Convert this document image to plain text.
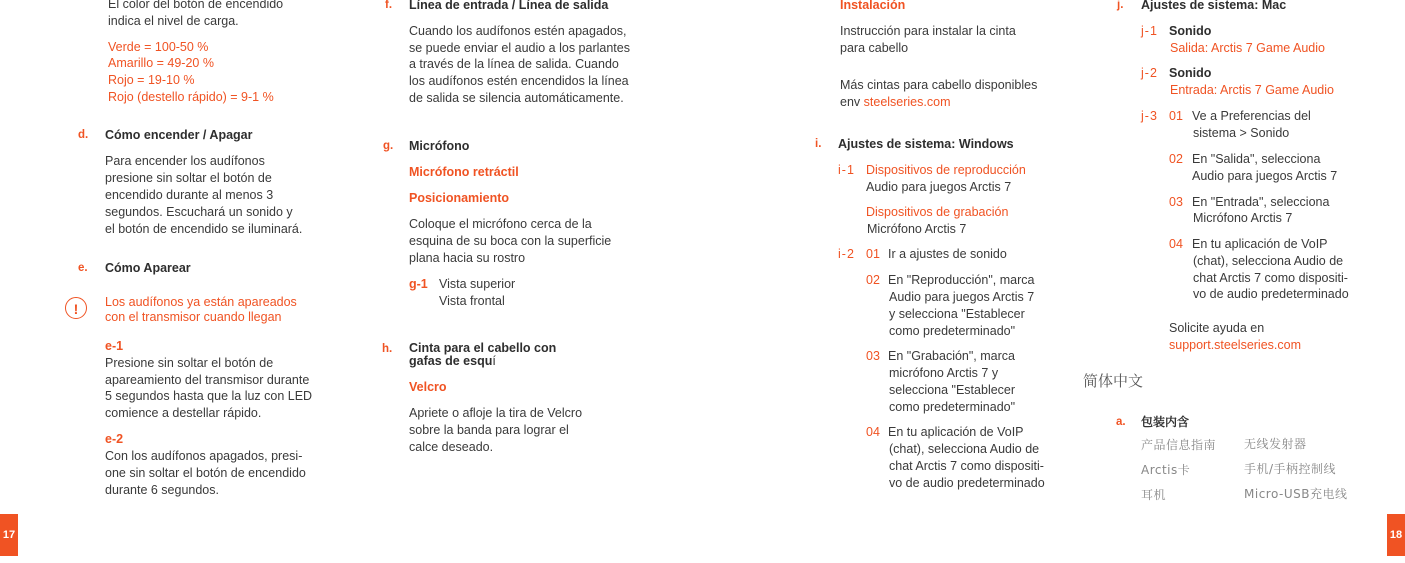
El color del botón de encendido
indica el nivel de carga.
Verde = 100-50 %
Amarillo = 49-20 %
Rojo = 19-10 %
Rojo (destello rápido) = 9-1 %
d. Cómo encender / Apagar
Para encender los audífonos
presione sin soltar el botón de
encendido durante al menos 3
segundos. Escuchará un sonido y
el botón de encendido se iluminará.
e. Cómo Aparear
!	Los audífonos ya están apareados
con el transmisor cuando llegan
e-1
Presione sin soltar el botón de
apareamiento del transmisor durante
5 segundos hasta que la luz con LED
comience a destellar rápido.
e-2
Con los audífonos apagados, presi-
one sin soltar el botón de encendido
durante 6 segundos.
f. Línea de entrada / Línea de salida
Cuando los audífonos estén apagados,
se puede enviar el audio a los parlantes
a través de la línea de salida. Cuando
los audífonos estén encendidos la línea
de salida se silencia automáticamente.
g. Micrófono
Micrófono retráctil
Posicionamiento
Coloque el micrófono cerca de la
esquina de su boca con la superficie
plana hacia su rostro
g-1 Vista superior
Vista frontal
h. Cinta para el cabello con
gafas de esquí
Velcro
Apriete o afloje la tira de Velcro
sobre la banda para lograr el
calce deseado.
Instalación
Instrucción para instalar la cinta
para cabello
Más cintas para cabello disponibles
env steelseries.com
i. Ajustes de sistema: Windows
i-1 Dispositivos de reproducción
Audio para juegos Arctis 7
Dispositivos de grabación
Micrófono Arctis 7
i-2 01 Ir a ajustes de sonido
02 En "Reproducción", marca
Audio para juegos Arctis 7
y selecciona "Establecer
como predeterminado"
03 En "Grabación", marca
micrófono Arctis 7 y
selecciona "Establecer
como predeterminado"
04 En tu aplicación de VoIP
(chat), selecciona Audio de
chat Arctis 7 como dispositi-
vo de audio predeterminado
j. Ajustes de sistema: Mac
j-1 Sonido
Salida: Arctis 7 Game Audio
j-2 Sonido
Entrada: Arctis 7 Game Audio
j-3 01 Ve a Preferencias del
sistema > Sonido
02 En "Salida", selecciona
Audio para juegos Arctis 7
03 En "Entrada", selecciona
Micrófono Arctis 7
04 En tu aplicación de VoIP
(chat), selecciona Audio de
chat Arctis 7 como dispositi-
vo de audio predeterminado
Solicite ayuda en
support.steelseries.com
简体中文
a. 包装内含
产品信息指南
Arctis卡
耳机
无线发射器
手机/手柄控制线
Micro-USB充电线
17	18
